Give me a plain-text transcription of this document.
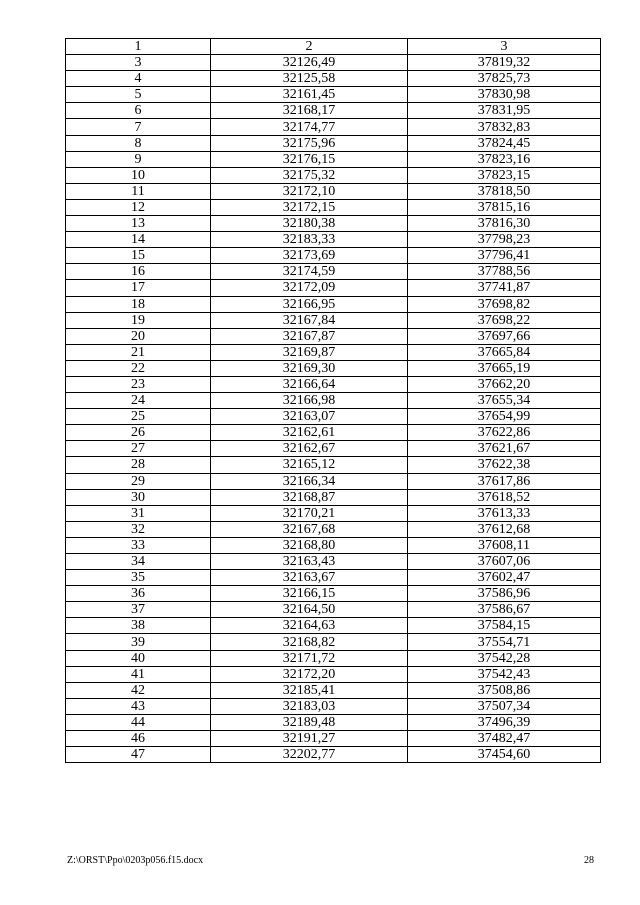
1	2	3
3	32126,49	37819,32
4	32125,58	37825,73
5	32161,45	37830,98
6	32168,17	37831,95
7	32174,77	37832,83
8	32175,96	37824,45
9	32176,15	37823,16
10	32175,32	37823,15
11	32172,10	37818,50
12	32172,15	37815,16
13	32180,38	37816,30
14	32183,33	37798,23
15	32173,69	37796,41
16	32174,59	37788,56
17	32172,09	37741,87
18	32166,95	37698,82
19	32167,84	37698,22
20	32167,87	37697,66
21	32169,87	37665,84
22	32169,30	37665,19
23	32166,64	37662,20
24	32166,98	37655,34
25	32163,07	37654,99
26	32162,61	37622,86
27	32162,67	37621,67
28	32165,12	37622,38
29	32166,34	37617,86
30	32168,87	37618,52
31	32170,21	37613,33
32	32167,68	37612,68
33	32168,80	37608,11
34	32163,43	37607,06
35	32163,67	37602,47
36	32166,15	37586,96
37	32164,50	37586,67
38	32164,63	37584,15
39	32168,82	37554,71
40	32171,72	37542,28
41	32172,20	37542,43
42	32185,41	37508,86
43	32183,03	37507,34
44	32189,48	37496,39
46	32191,27	37482,47
47	32202,77	37454,60
Z:\ORST\Ppo\0203p056.f15.docx	28
